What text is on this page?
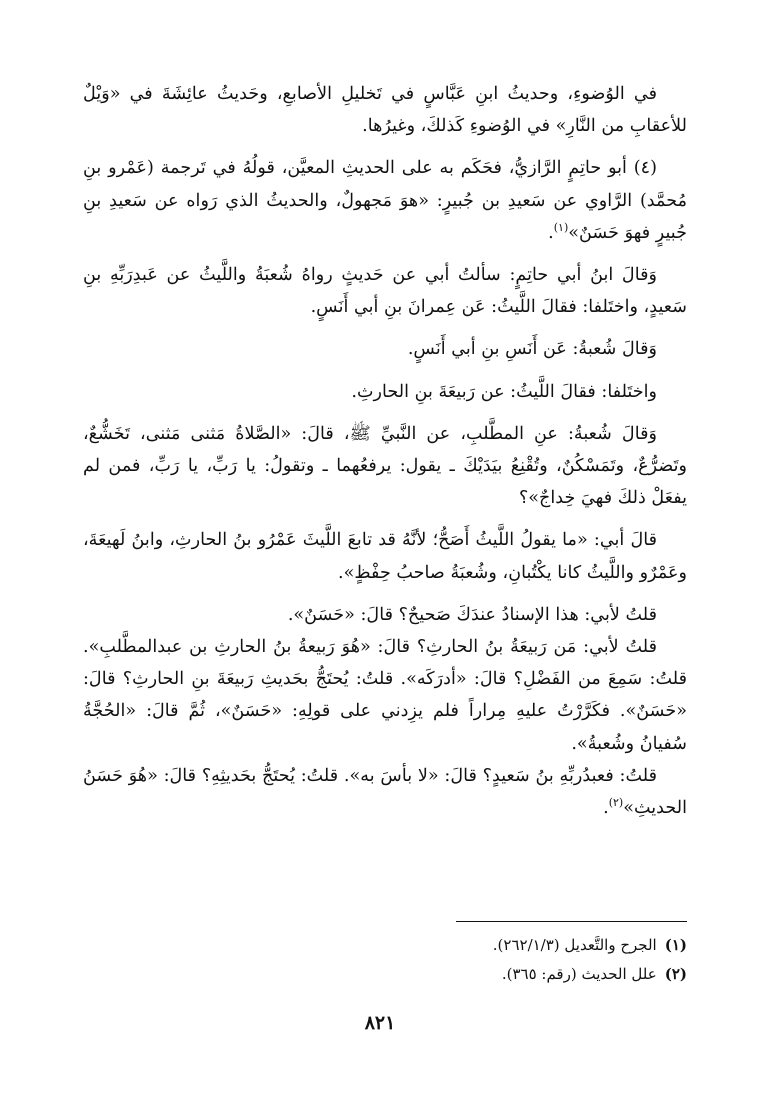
في الوُضوءِ، وحديثُ ابنِ عَبَّاسٍ في تَخليلِ الأصابعِ، وحَديثُ عائِشَةَ في «وَيْلٌ للأعقابِ من النَّارِ» في الوُضوءِ كَذلكَ، وغيرُها.

(٤) أبو حاتِمٍ الرَّازيُّ، فحَكَم به على الحديثِ المعيَّن، قولُهُ في تَرجمة (عَمْرو بنِ مُحمَّد) الرَّاوي عن سَعيدِ بن جُبيرٍ: «هوَ مَجهولٌ، والحديثُ الذي رَواه عن سَعيدِ بنِ جُبيرٍ فهوَ حَسَنٌ»$^{(١)}$.

وَقالَ ابنُ أبي حاتِمٍ: سألتُ أبي عن حَديثٍ رواهُ شُعبَةُ واللَّيثُ عن عَبدِرَبِّهِ بنِ سَعيدٍ، واختَلفا: فقالَ اللَّيثُ: عَن عِمرانَ بنِ أبي أَنَسٍ.

وَقالَ شُعبةُ: عَن أَنَسِ بنِ أبي أَنَسٍ.

واختَلفا: فقالَ اللَّيثُ: عن رَبيعَةَ بنِ الحارثِ.

وَقالَ شُعبةُ: عنِ المطَّلبِ، عن النَّبيِّ ﷺ، قالَ: «الصَّلاةُ مَثنى مَثنى، تَخَشُّعٌ، وتَضرُّعٌ، وتَمَسْكُنٌ، وتُقْنِعُ بيَدَيْكَ ـ يقول: يرفعُهما ـ وتقولُ: يا رَبِّ، يا رَبِّ، فمن لم يفعَلْ ذلكَ فهيَ خِداجٌ»؟

قالَ أبي: «ما يقولُ اللَّيثُ أَصَحُّ؛ لأنَّهُ قد تابعَ اللَّيثَ عَمْرُو بنُ الحارثِ، وابنُ لَهيعَةَ، وعَمْرٌو واللَّيثُ كانا يكْتُبانِ، وشُعبَةُ صاحبُ حِفْظٍ».

قلتُ لأبي: هذا الإسنادُ عندَكَ صَحيحٌ؟ قالَ: «حَسَنٌ».

قلتُ لأبي: مَن رَبيعَةُ بنُ الحارثِ؟ قالَ: «هُوَ رَبيعةُ بنُ الحارثِ بن عبدالمطَّلبِ». قلتُ: سَمِعَ من الفَضْلِ؟ قالَ: «أدرَكَه». قلتُ: يُحتَجُّ بحَديثِ رَبيعَةَ بنِ الحارثِ؟ قالَ: «حَسَنٌ». فكَرَّرْتُ عليهِ مِراراً فلم يزِدني على قولِهِ: «حَسَنٌ»، ثُمَّ قالَ: «الحُجَّةُ سُفيانُ وشُعبةُ».

قلتُ: فعبدُربِّهِ بنُ سَعيدٍ؟ قالَ: «لا بأسَ به». قلتُ: يُحتَجُّ بحَديثِهِ؟ قالَ: «هُوَ حَسَنُ الحديثِ»$^{(٢)}$.

(١)الجرح والتَّعديل (٢٦٢/١/٣).

(٢)علل الحديث (رقم: ٣٦٥).

٨٢١
